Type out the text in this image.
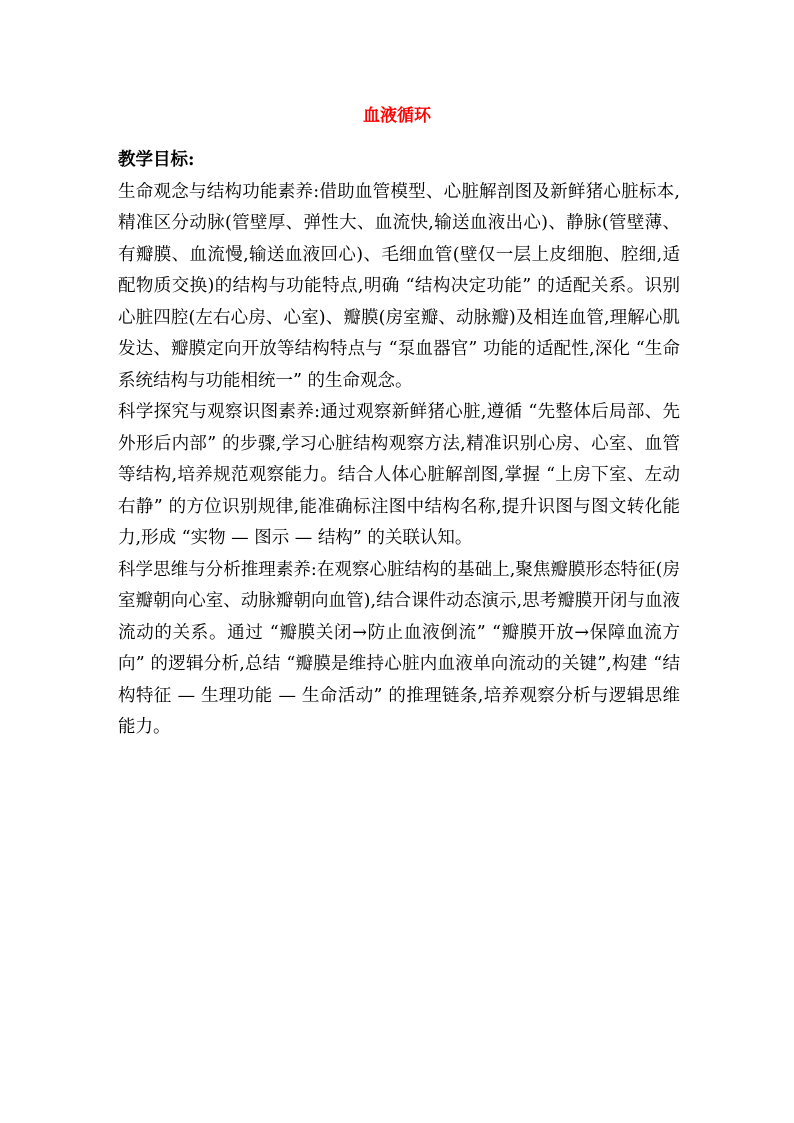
血液循环

教学目标:

生命观念与结构功能素养:借助血管模型、心脏解剖图及新鲜猪心脏标本,精准区分动脉(管壁厚、弹性大、血流快,输送血液出心)、静脉(管壁薄、有瓣膜、血流慢,输送血液回心)、毛细血管(壁仅一层上皮细胞、腔细,适配物质交换)的结构与功能特点,明确 “结构决定功能” 的适配关系。识别心脏四腔(左右心房、心室)、瓣膜(房室瓣、动脉瓣)及相连血管,理解心肌发达、瓣膜定向开放等结构特点与 “泵血器官” 功能的适配性,深化 “生命系统结构与功能相统一” 的生命观念。

科学探究与观察识图素养:通过观察新鲜猪心脏,遵循 “先整体后局部、先外形后内部” 的步骤,学习心脏结构观察方法,精准识别心房、心室、血管等结构,培养规范观察能力。结合人体心脏解剖图,掌握 “上房下室、左动右静” 的方位识别规律,能准确标注图中结构名称,提升识图与图文转化能力,形成 “实物 — 图示 — 结构” 的关联认知。

科学思维与分析推理素养:在观察心脏结构的基础上,聚焦瓣膜形态特征(房室瓣朝向心室、动脉瓣朝向血管),结合课件动态演示,思考瓣膜开闭与血液流动的关系。通过 “瓣膜关闭→防止血液倒流” “瓣膜开放→保障血流方向” 的逻辑分析,总结 “瓣膜是维持心脏内血液单向流动的关键”,构建 “结构特征 — 生理功能 — 生命活动” 的推理链条,培养观察分析与逻辑思维能力。
